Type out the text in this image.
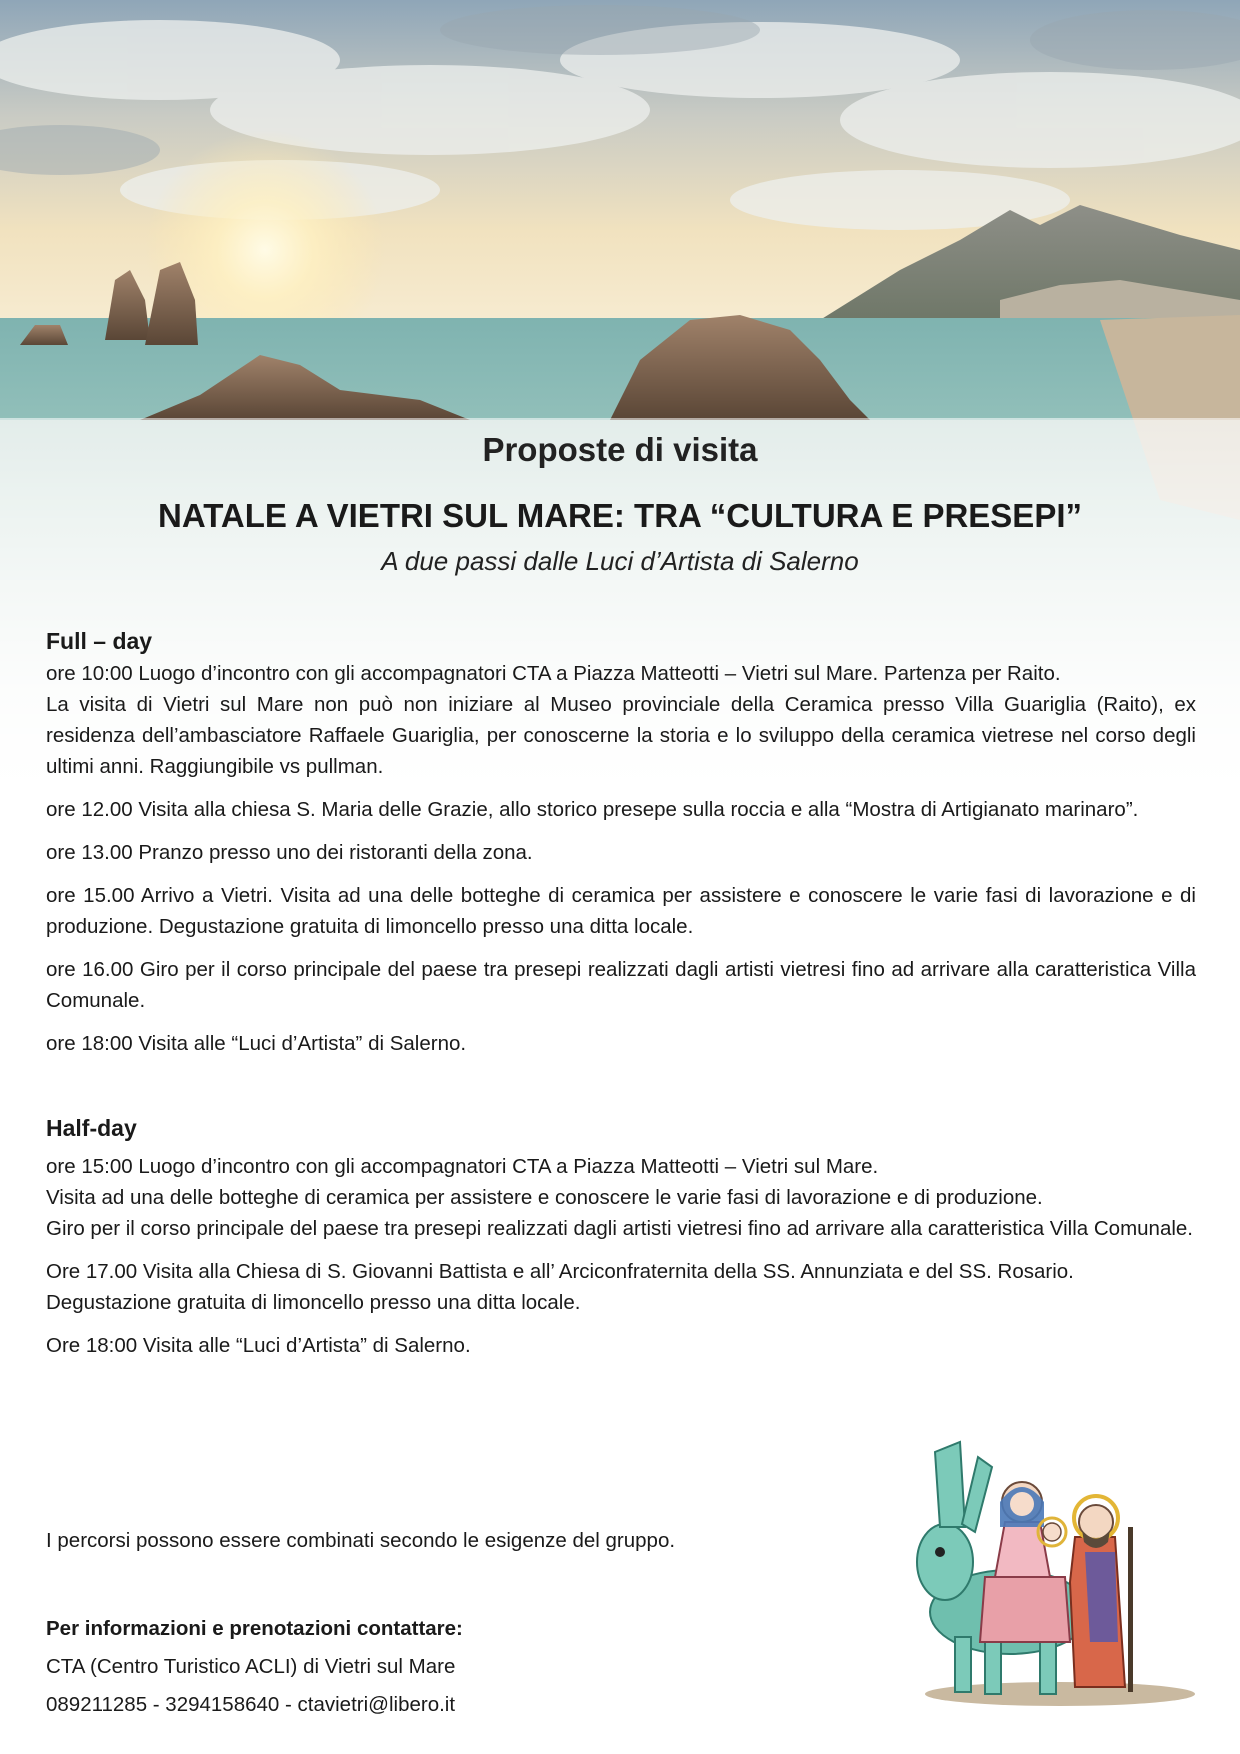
Proposte di visita
NATALE A VIETRI SUL MARE: TRA “CULTURA E PRESEPI”
A due passi dalle Luci d’Artista di Salerno
Full – day
ore 10:00 Luogo d’incontro con gli accompagnatori CTA a Piazza Matteotti – Vietri sul Mare. Partenza per Raito.
La visita di Vietri sul Mare non può non iniziare al Museo provinciale della Ceramica presso Villa Guariglia (Raito), ex residenza dell’ambasciatore Raffaele Guariglia, per conoscerne la storia e lo sviluppo della ceramica vietrese nel corso degli ultimi anni. Raggiungibile vs pullman.
ore 12.00 Visita alla chiesa S. Maria delle Grazie, allo storico presepe sulla roccia e alla “Mostra di Artigianato marinaro”.
ore 13.00 Pranzo presso uno dei ristoranti della zona.
ore 15.00 Arrivo a Vietri. Visita ad una delle botteghe di ceramica per assistere e conoscere le varie fasi di lavorazione e di produzione. Degustazione gratuita di limoncello presso una ditta locale.
ore 16.00 Giro per il corso principale del paese tra presepi realizzati dagli artisti vietresi fino ad arrivare alla caratteristica Villa Comunale.
ore 18:00 Visita alle “Luci d’Artista” di Salerno.
Half-day
ore 15:00 Luogo d’incontro con gli accompagnatori CTA a Piazza Matteotti – Vietri sul Mare.
Visita ad una delle botteghe di ceramica per assistere e conoscere le varie fasi di lavorazione e di produzione.
Giro per il corso principale del paese tra presepi realizzati dagli artisti vietresi fino ad arrivare alla caratteristica Villa Comunale.
Ore 17.00 Visita alla Chiesa di S. Giovanni Battista e all’ Arciconfraternita della SS. Annunziata e del SS. Rosario.
Degustazione gratuita di limoncello presso una ditta locale.
Ore 18:00 Visita alle “Luci d’Artista” di Salerno.
I percorsi possono essere combinati secondo le esigenze del gruppo.
Per informazioni e prenotazioni contattare:
CTA (Centro Turistico ACLI) di Vietri sul Mare
089211285 - 3294158640 - ctavietri@libero.it
